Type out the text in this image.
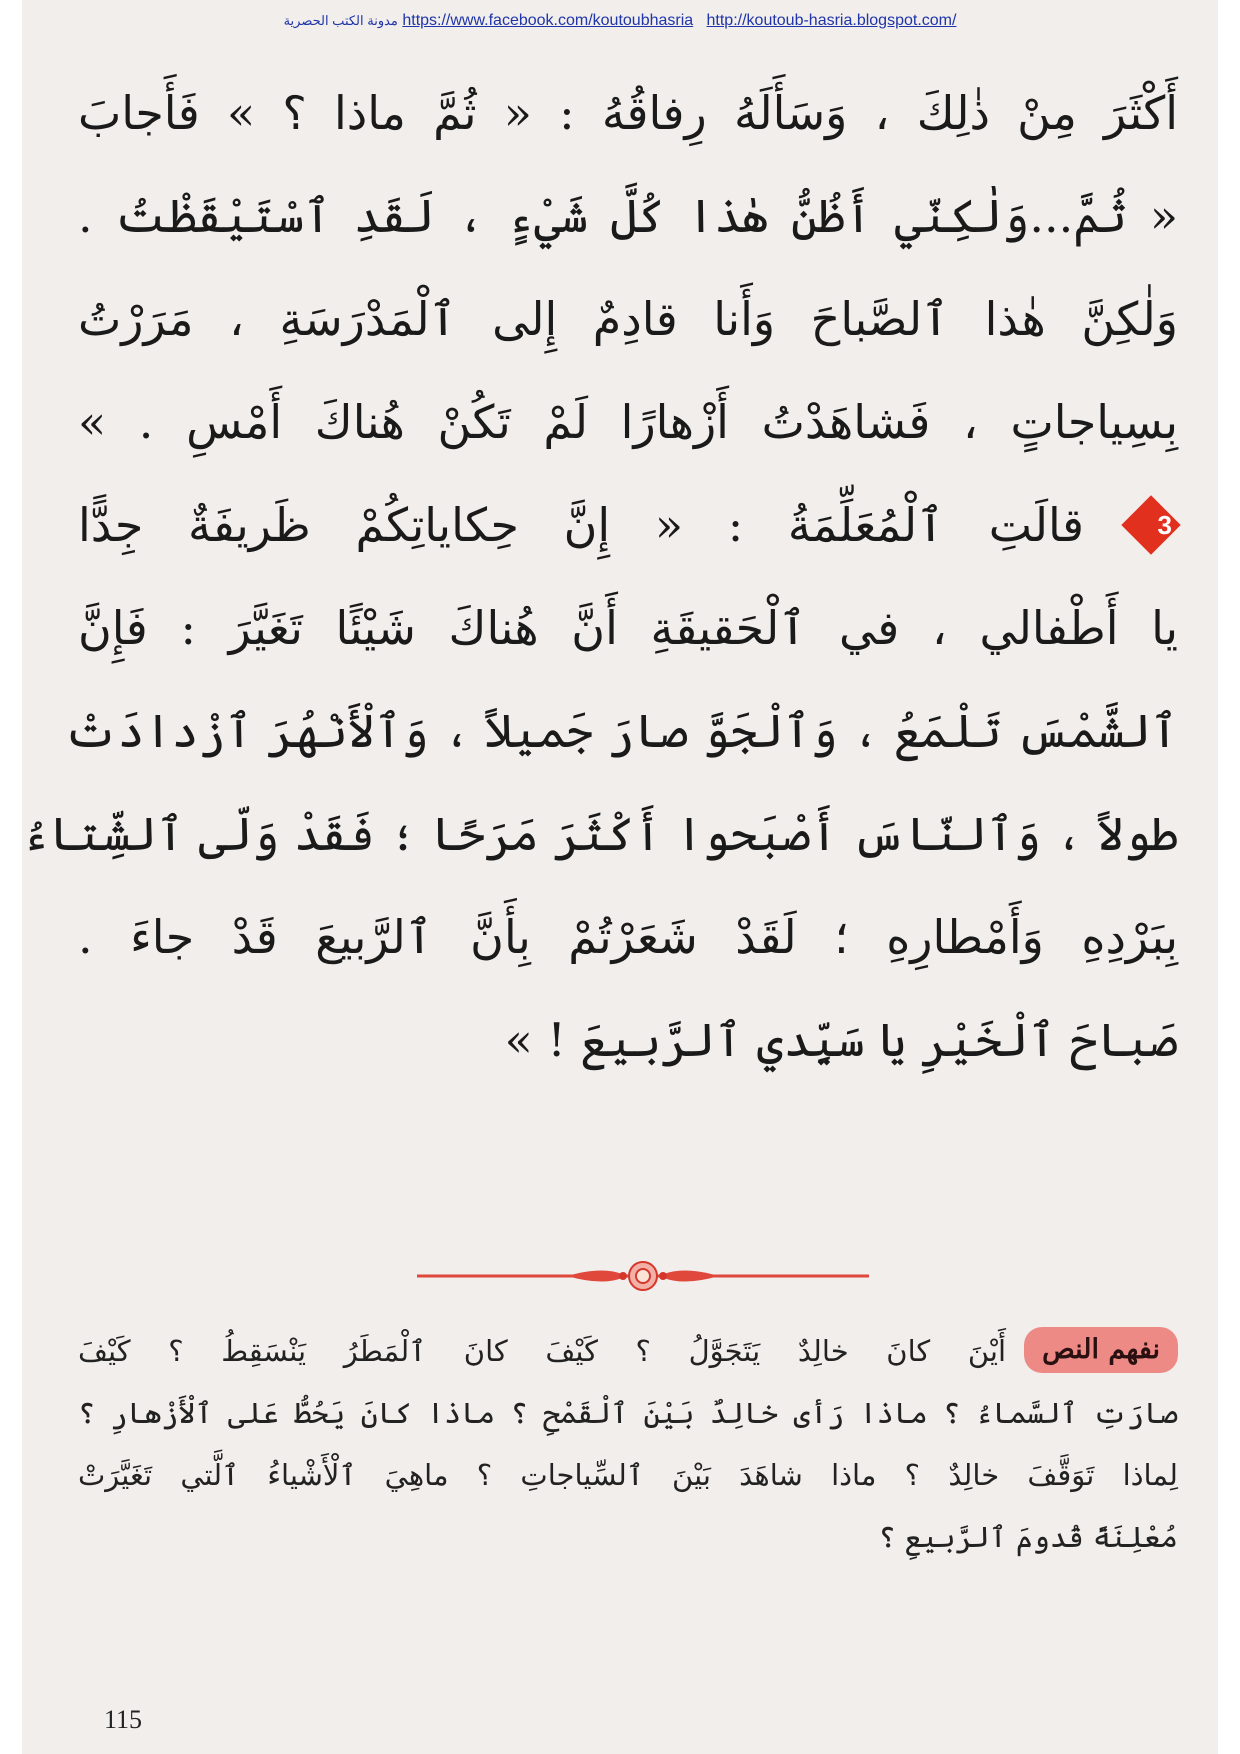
مدونة الكتب الحصرية https://www.facebook.com/koutoubhasria http://koutoub-hasria.blogspot.com/
أَكْثَرَ مِنْ ذٰلِكَ ، وَسَأَلَهُ رِفاقُهُ : « ثُمَّ ماذا ؟ » فَأَجابَ
« ثُمَّ...وَلٰكِنّي أَظُنُّ هٰذا كُلَّ شَيْءٍ ، لَقَدِ ٱسْتَيْقَظْتُ .
وَلٰكِنَّ هٰذا ٱلصَّباحَ وَأَنا قادِمٌ إِلى ٱلْمَدْرَسَةِ ، مَرَرْتُ
بِسِياجاتٍ ، فَشاهَدْتُ أَزْهارًا لَمْ تَكُنْ هُناكَ أَمْسِ . »
3
قالَتِ ٱلْمُعَلِّمَةُ : « إِنَّ حِكاياتِكُمْ ظَريفَةٌ جِدًّا
يا أَطْفالي ، في ٱلْحَقيقَةِ أَنَّ هُناكَ شَيْئًا تَغَيَّرَ : فَإِنَّ
ٱلشَّمْسَ تَلْمَعُ ، وَٱلْجَوَّ صارَ جَميلاً ، وَٱلْأَنْهُرَ ٱزْدادَتْ
طولاً ، وَٱلنّاسَ أَصْبَحوا أَكْثَرَ مَرَحًا ؛ فَقَدْ وَلّى ٱلشِّتاءُ
بِبَرْدِهِ وَأَمْطارِهِ ؛ لَقَدْ شَعَرْتُمْ بِأَنَّ ٱلرَّبيعَ قَدْ جاءَ .
صَباحَ ٱلْخَيْرِ يا سَيِّدي ٱلرَّبيعَ ! »
نفهم النصأَيْنَ كانَ خالِدٌ يَتَجَوَّلُ ؟ كَيْفَ كانَ ٱلْمَطَرُ يَنْسَقِطُ ؟ كَيْفَ
صارَتِ ٱلسَّماءُ ؟ ماذا رَأى خالِدٌ بَيْنَ ٱلْقَمْحِ ؟ ماذا كانَ يَحُطُّ عَلى ٱلْأَزْهارِ ؟
لِماذا تَوَقَّفَ خالِدٌ ؟ ماذا شاهَدَ بَيْنَ ٱلسِّياجاتِ ؟ ماهِيَ ٱلْأَشْياءُ ٱلَّتي تَغَيَّرَتْ
مُعْلِنَةً قُدومَ ٱلرَّبيعِ ؟
115
